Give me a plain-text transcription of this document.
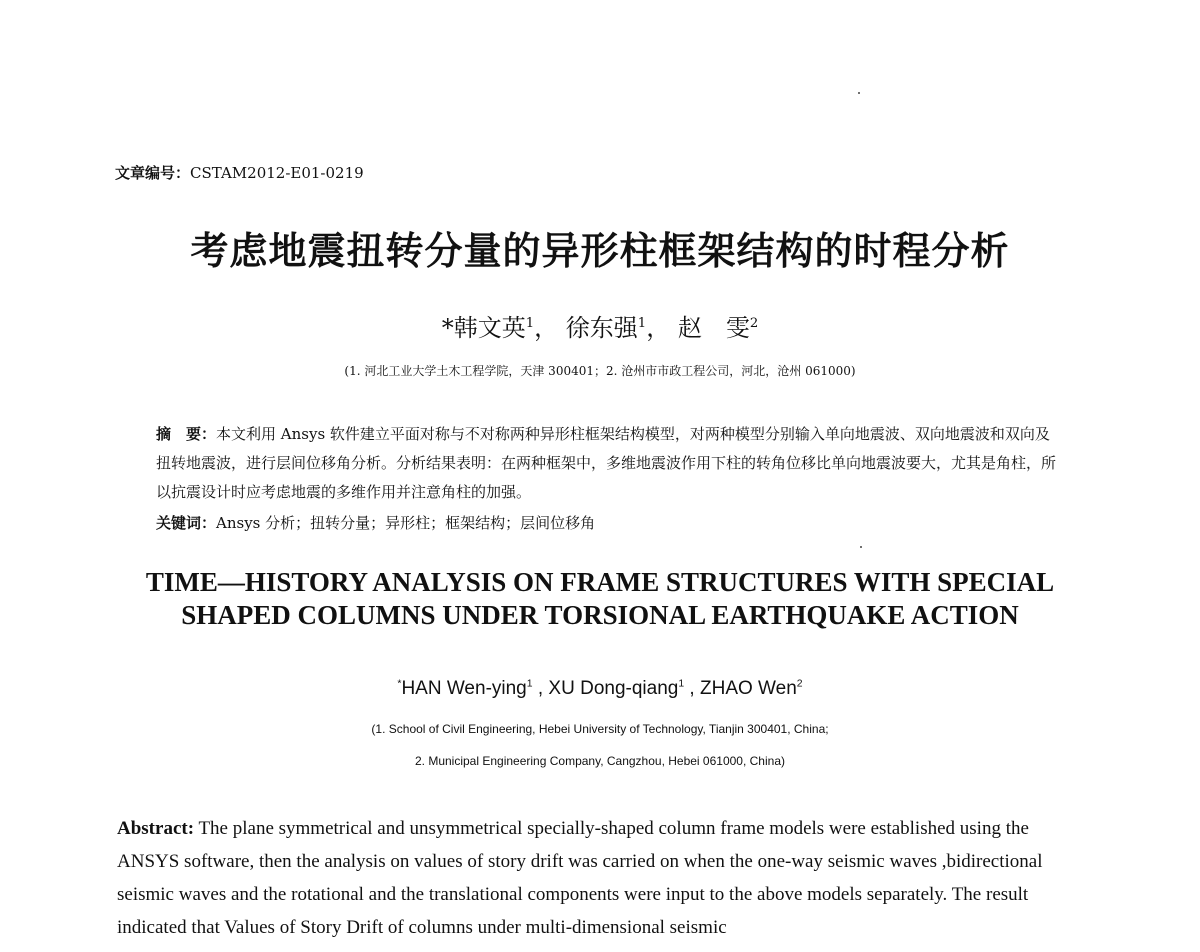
文章编号：CSTAM2012-E01-0219
考虑地震扭转分量的异形柱框架结构的时程分析
*韩文英$^1$， 徐东强$^1$， 赵　雯$^2$
(1. 河北工业大学土木工程学院，天津 300401；2. 沧州市市政工程公司，河北，沧州 061000)
摘　要：本文利用 Ansys 软件建立平面对称与不对称两种异形柱框架结构模型，对两种模型分别输入单向地震波、双向地震波和双向及扭转地震波，进行层间位移角分析。分析结果表明：在两种框架中，多维地震波作用下柱的转角位移比单向地震波要大，尤其是角柱，所以抗震设计时应考虑地震的多维作用并注意角柱的加强。
关键词：Ansys 分析；扭转分量；异形柱；框架结构；层间位移角
TIME—HISTORY ANALYSIS ON FRAME STRUCTURES WITH SPECIAL
SHAPED COLUMNS UNDER TORSIONAL EARTHQUAKE ACTION
*HAN Wen-ying$^1$ , XU Dong-qiang$^1$ , ZHAO Wen$^2$
(1. School of Civil Engineering, Hebei University of Technology, Tianjin 300401, China;
2. Municipal Engineering Company, Cangzhou, Hebei 061000, China)
Abstract: The plane symmetrical and unsymmetrical specially-shaped column frame models were established using the ANSYS software, then the analysis on values of story drift was carried on when the one-way seismic waves ,bidirectional seismic waves and the rotational and the translational components were input to the above models separately. The result indicated that Values of Story Drift of columns under multi-dimensional seismic
